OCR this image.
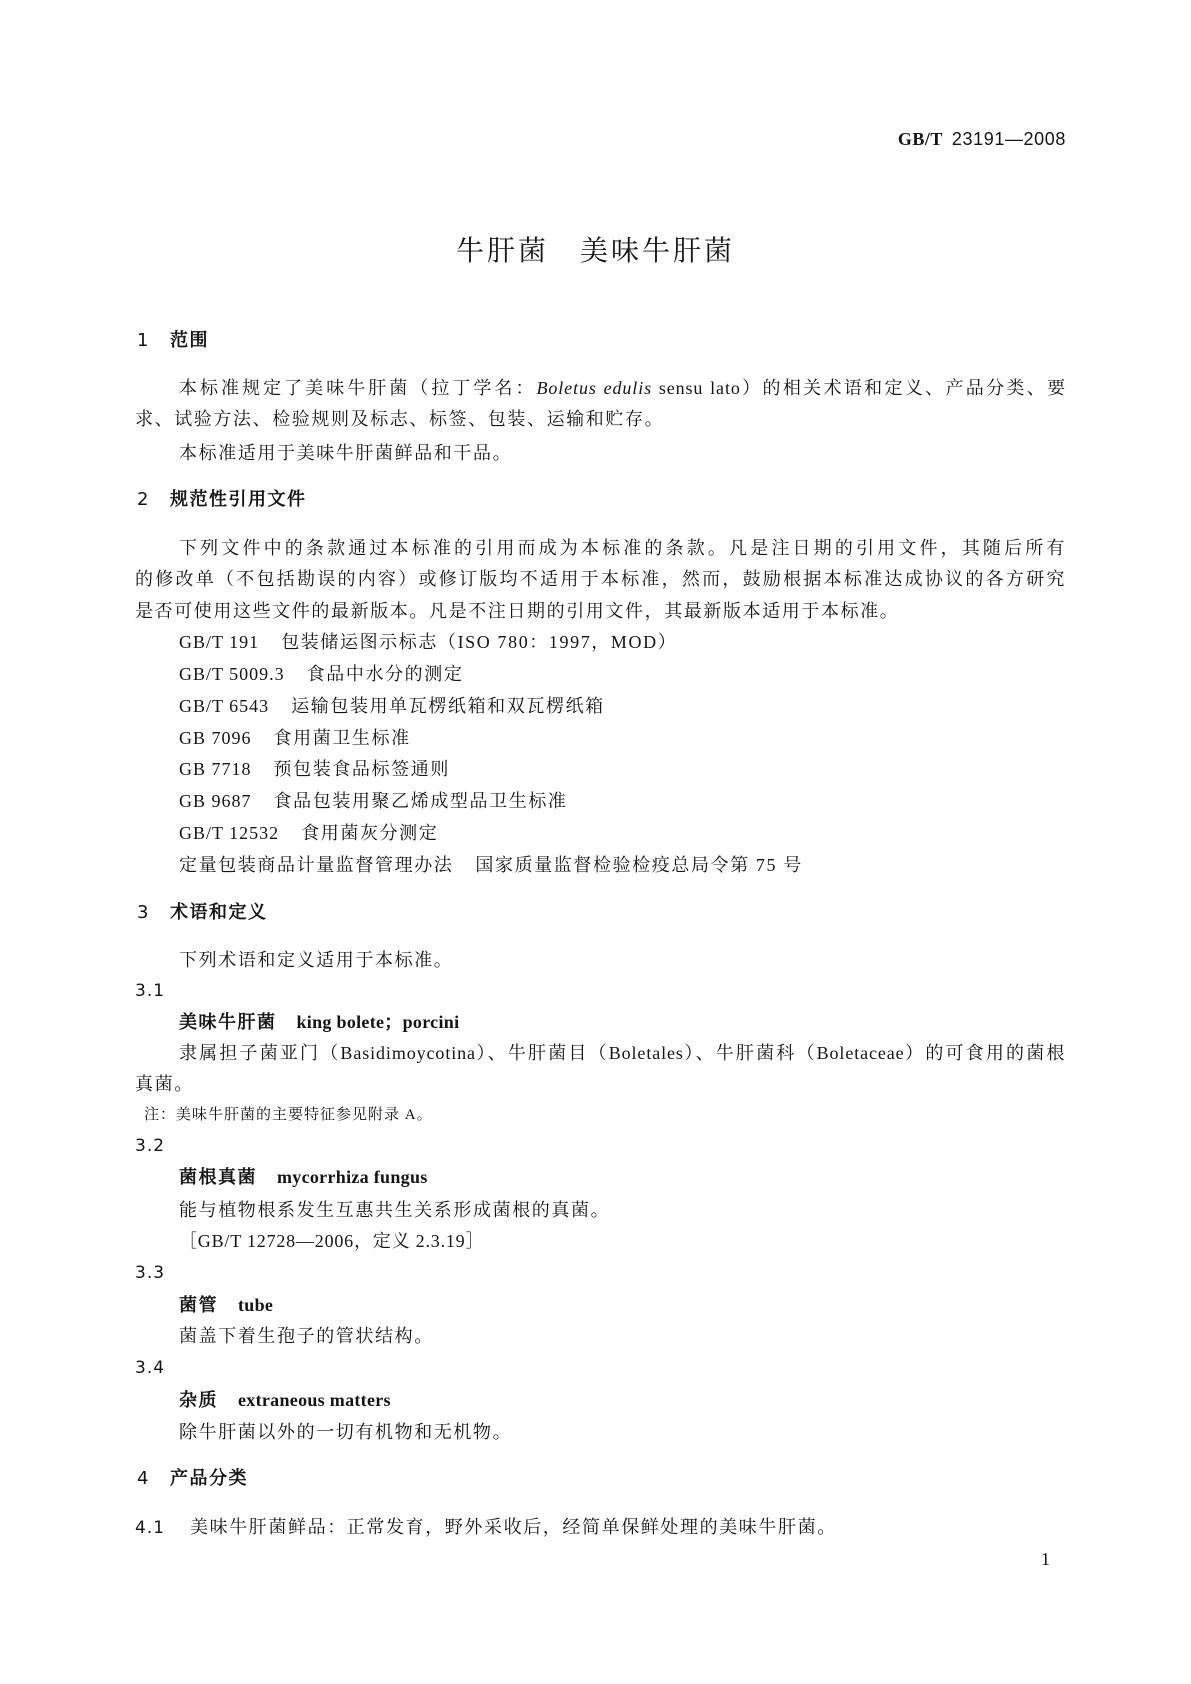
GB/T 23191—2008
牛肝菌　美味牛肝菌
1 范围
本标准规定了美味牛肝菌（拉丁学名：Boletus edulis sensu lato）的相关术语和定义、产品分类、要
求、试验方法、检验规则及标志、标签、包装、运输和贮存。
本标准适用于美味牛肝菌鲜品和干品。
2 规范性引用文件
下列文件中的条款通过本标准的引用而成为本标准的条款。凡是注日期的引用文件，其随后所有
的修改单（不包括勘误的内容）或修订版均不适用于本标准，然而，鼓励根据本标准达成协议的各方研究
是否可使用这些文件的最新版本。凡是不注日期的引用文件，其最新版本适用于本标准。
GB/T 191 包装储运图示标志（ISO 780：1997，MOD）
GB/T 5009.3 食品中水分的测定
GB/T 6543 运输包装用单瓦楞纸箱和双瓦楞纸箱
GB 7096 食用菌卫生标准
GB 7718 预包装食品标签通则
GB 9687 食品包装用聚乙烯成型品卫生标准
GB/T 12532 食用菌灰分测定
定量包装商品计量监督管理办法 国家质量监督检验检疫总局令第 75 号
3 术语和定义
下列术语和定义适用于本标准。
3.1
美味牛肝菌 king bolete；porcini
隶属担子菌亚门（Basidimoycotina）、牛肝菌目（Boletales）、牛肝菌科（Boletaceae）的可食用的菌根
真菌。
注：美味牛肝菌的主要特征参见附录 A。
3.2
菌根真菌 mycorrhiza fungus
能与植物根系发生互惠共生关系形成菌根的真菌。
［GB/T 12728—2006，定义 2.3.19］
3.3
菌管 tube
菌盖下着生孢子的管状结构。
3.4
杂质 extraneous matters
除牛肝菌以外的一切有机物和无机物。
4 产品分类
4.1 美味牛肝菌鲜品：正常发育，野外采收后，经简单保鲜处理的美味牛肝菌。
1
